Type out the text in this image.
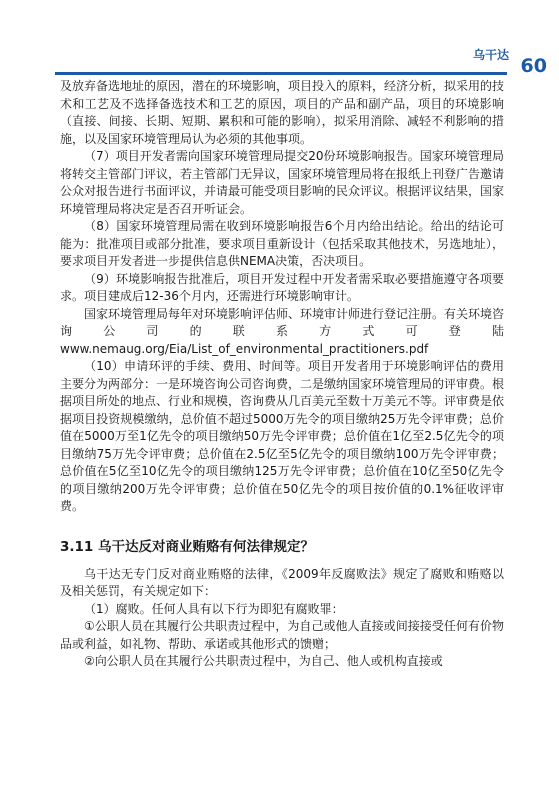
乌干达 60

及放弃备选地址的原因，潜在的环境影响，项目投入的原料，经济分析，拟采用的技术和工艺及不选择备选技术和工艺的原因，项目的产品和副产品，项目的环境影响（直接、间接、长期、短期、累积和可能的影响），拟采用消除、减轻不利影响的措施，以及国家环境管理局认为必须的其他事项。

（7）项目开发者需向国家环境管理局提交20份环境影响报告。国家环境管理局将转交主管部门评议，若主管部门无异议，国家环境管理局将在报纸上刊登广告邀请公众对报告进行书面评议，并请最可能受项目影响的民众评议。根据评议结果，国家环境管理局将决定是否召开听证会。

（8）国家环境管理局需在收到环境影响报告6个月内给出结论。给出的结论可能为：批准项目或部分批准，要求项目重新设计（包括采取其他技术，另选地址），要求项目开发者进一步提供信息供NEMA决策，否决项目。

（9）环境影响报告批准后，项目开发过程中开发者需采取必要措施遵守各项要求。项目建成后12-36个月内，还需进行环境影响审计。

国家环境管理局每年对环境影响评估师、环境审计师进行登记注册。有关环境咨询公司的联系方式可登陆www.nemaug.org/Eia/List_of_environmental_practitioners.pdf

（10）申请环评的手续、费用、时间等。项目开发者用于环境影响评估的费用主要分为两部分：一是环境咨询公司咨询费，二是缴纳国家环境管理局的评审费。根据项目所处的地点、行业和规模，咨询费从几百美元至数十万美元不等。评审费是依据项目投资规模缴纳，总价值不超过5000万先令的项目缴纳25万先令评审费；总价值在5000万至1亿先令的项目缴纳50万先令评审费；总价值在1亿至2.5亿先令的项目缴纳75万先令评审费；总价值在2.5亿至5亿先令的项目缴纳100万先令评审费；总价值在5亿至10亿先令的项目缴纳125万先令评审费；总价值在10亿至50亿先令的项目缴纳200万先令评审费；总价值在50亿先令的项目按价值的0.1%征收评审费。

3.11 乌干达反对商业贿赂有何法律规定？

乌干达无专门反对商业贿赂的法律，《2009年反腐败法》规定了腐败和贿赂以及相关惩罚，有关规定如下：

（1）腐败。任何人具有以下行为即犯有腐败罪：

①公职人员在其履行公共职责过程中，为自己或他人直接或间接接受任何有价物品或利益，如礼物、帮助、承诺或其他形式的馈赠；

②向公职人员在其履行公共职责过程中，为自己、他人或机构直接或
